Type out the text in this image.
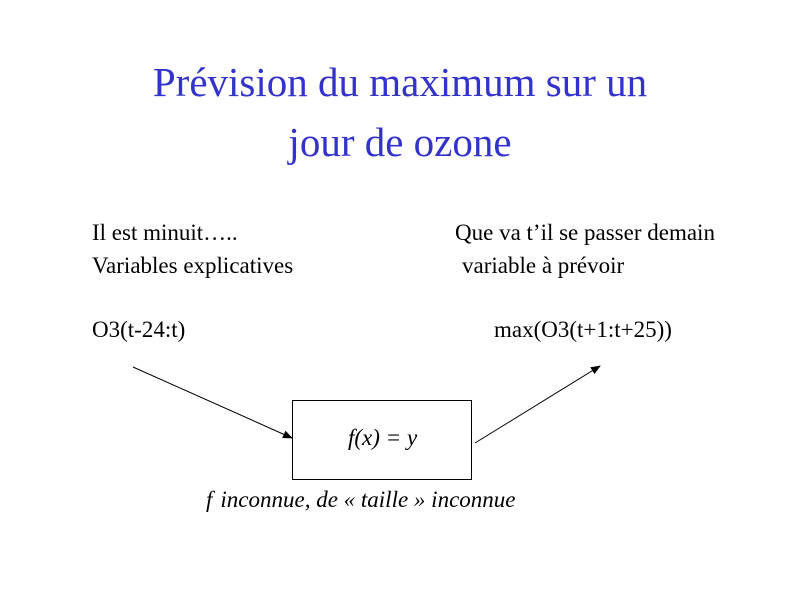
Prévision du maximum sur un
jour de ozone
Il est minuit…..
Variables explicatives
O3(t-24:t)
Que va t’il se passer demain
variable à prévoir
max(O3(t+1:t+25))
f(x) = y
f inconnue, de « taille » inconnue
